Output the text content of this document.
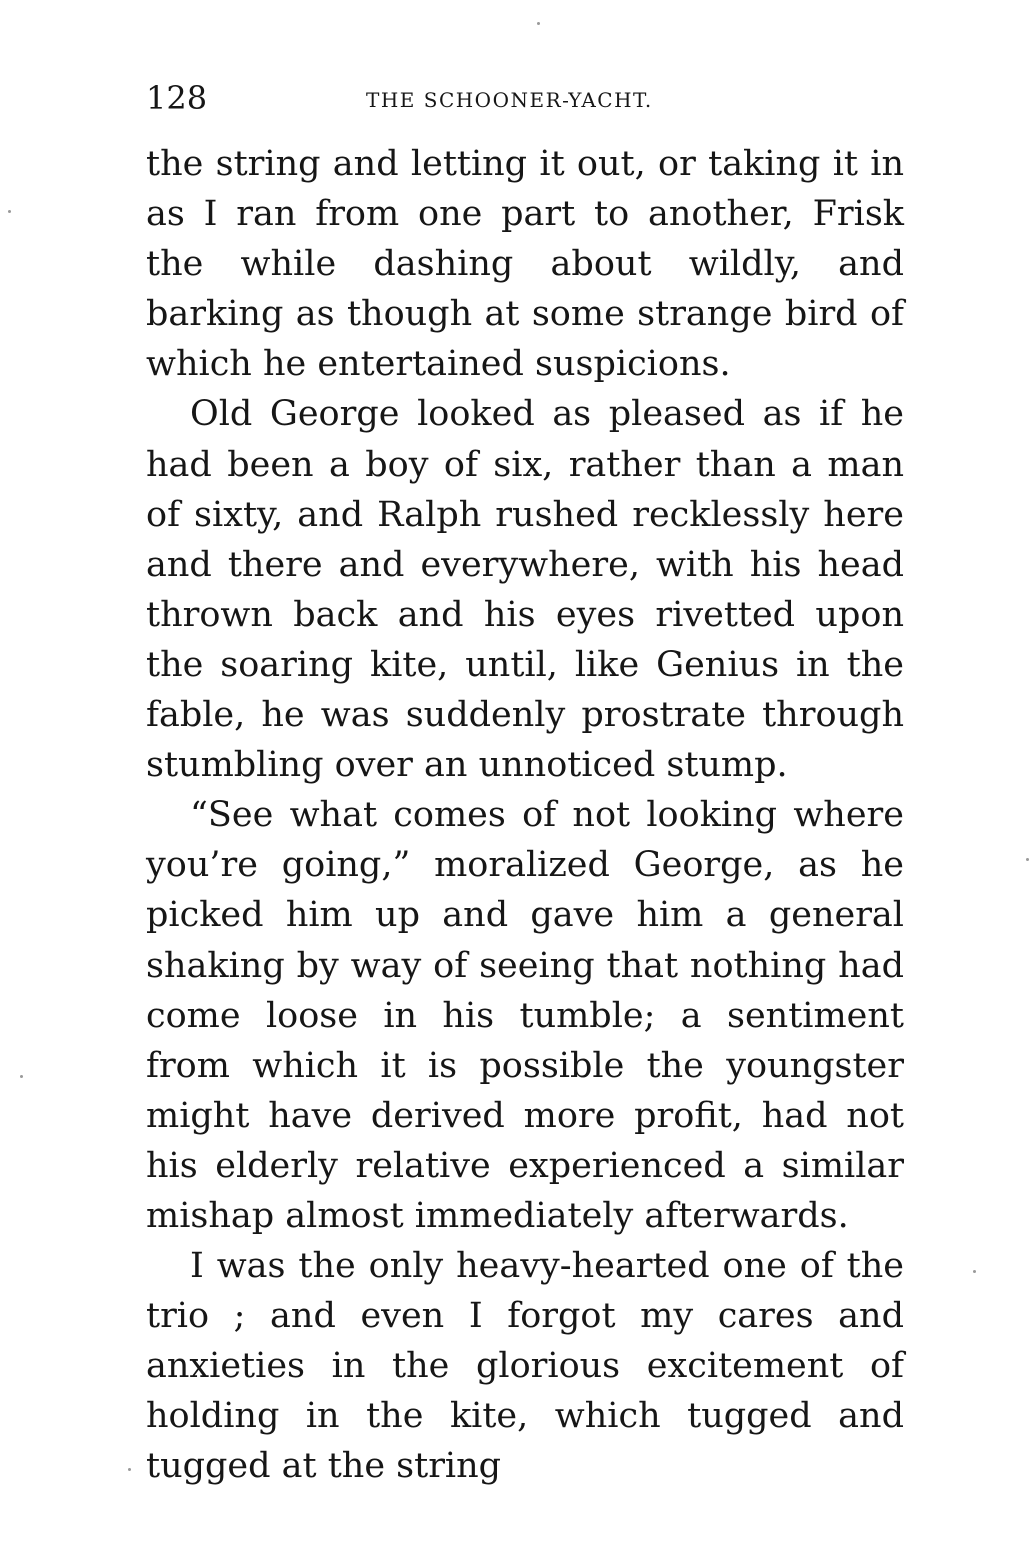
128	THE SCHOONER-YACHT.

the string and letting it out, or taking it in as I ran from one part to another, Frisk the while dashing about wildly, and barking as though at some strange bird of which he entertained suspicions.

Old George looked as pleased as if he had been a boy of six, rather than a man of sixty, and Ralph rushed recklessly here and there and everywhere, with his head thrown back and his eyes rivetted upon the soaring kite, until, like Genius in the fable, he was suddenly prostrate through stumbling over an unnoticed stump.

“See what comes of not looking where you’re going,” moralized George, as he picked him up and gave him a general shaking by way of seeing that nothing had come loose in his tumble; a sentiment from which it is possible the youngster might have derived more profit, had not his elderly relative experienced a similar mishap almost immediately afterwards.

I was the only heavy-hearted one of the trio ; and even I forgot my cares and anxieties in the glorious excitement of holding in the kite, which tugged and tugged at the string
